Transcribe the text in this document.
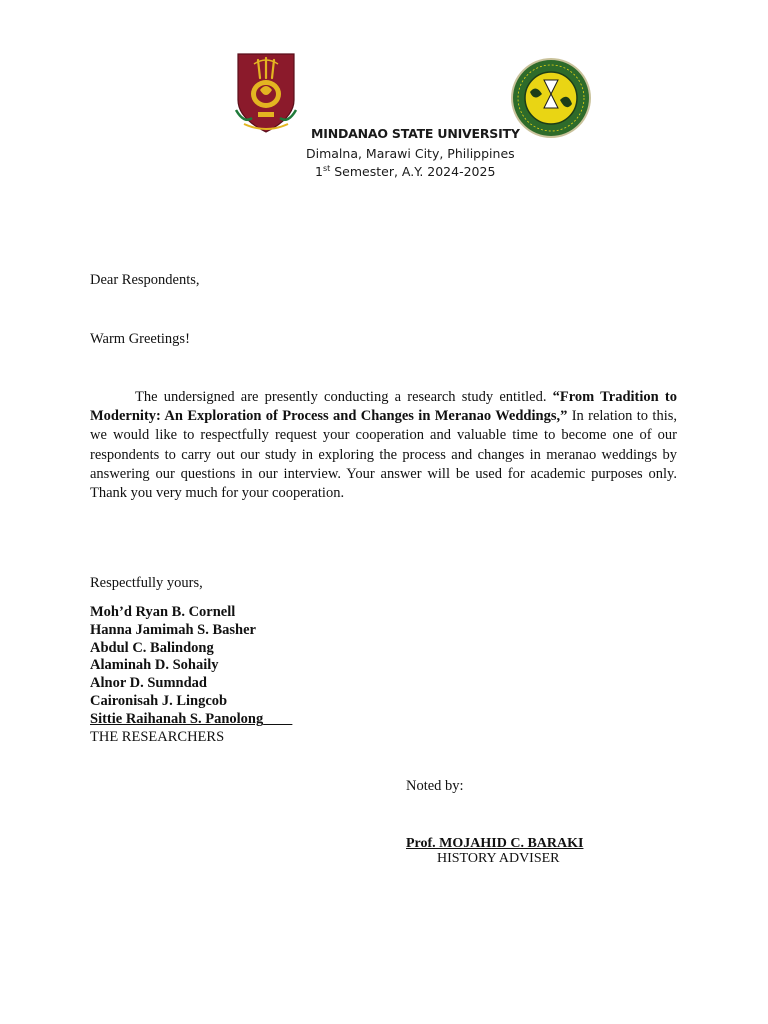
MINDANAO STATE UNIVERSITY
Dimalna, Marawi City, Philippines
1st Semester, A.Y. 2024-2025
Dear Respondents,
Warm Greetings!
The undersigned are presently conducting a research study entitled. “From Tradition to Modernity: An Exploration of Process and Changes in Meranao Weddings,” In relation to this, we would like to respectfully request your cooperation and valuable time to become one of our respondents to carry out our study in exploring the process and changes in meranao weddings by answering our questions in our interview. Your answer will be used for academic purposes only. Thank you very much for your cooperation.
Respectfully yours,
Moh’d Ryan B. Cornell
Hanna Jamimah S. Basher
Abdul C. Balindong
Alaminah D. Sohaily
Alnor D. Sumndad
Caironisah J. Lingcob
Sittie Raihanah S. Panolong
THE RESEARCHERS
Noted by:
Prof. MOJAHID C. BARAKI
HISTORY ADVISER
